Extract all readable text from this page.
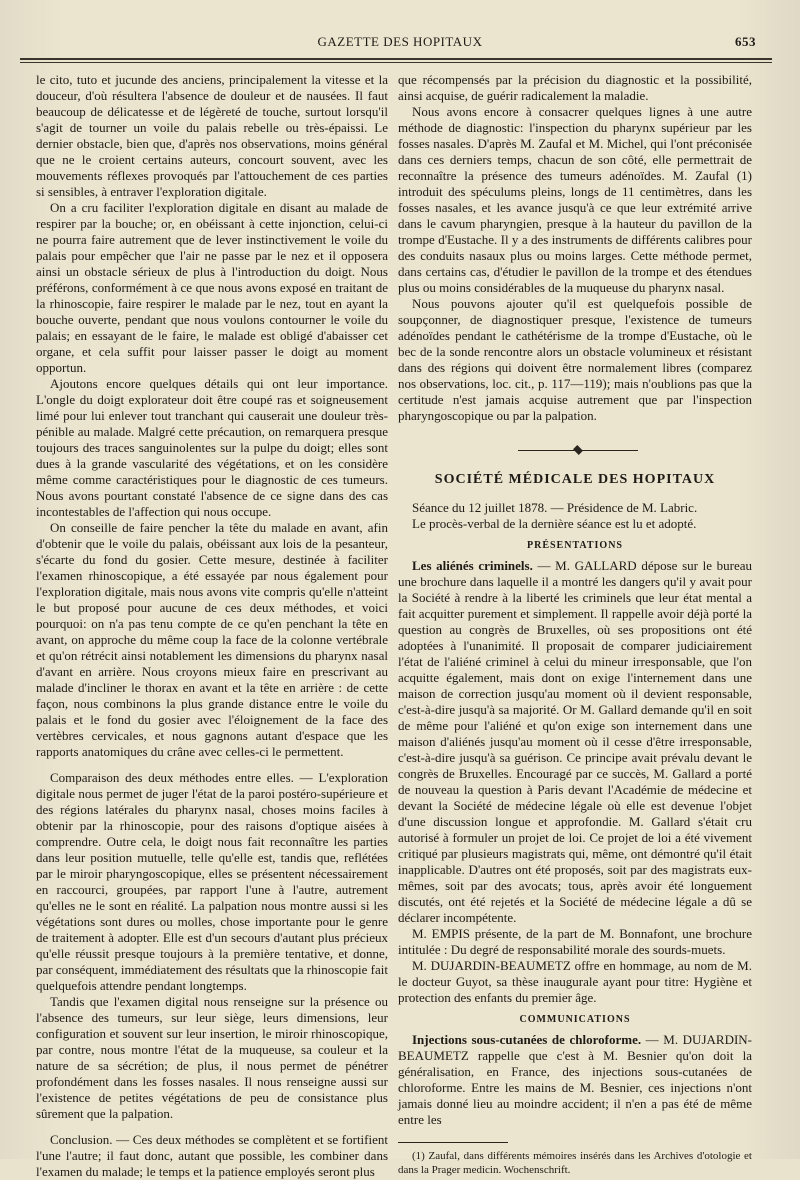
GAZETTE DES HOPITAUX	653

le cito, tuto et jucunde des anciens, principalement la vitesse et la douceur, d'où résultera l'absence de douleur et de nausées. Il faut beaucoup de délicatesse et de légèreté de touche, surtout lorsqu'il s'agit de tourner un voile du palais rebelle ou très-épaissi. Le dernier obstacle, bien que, d'après nos observations, moins général que ne le croient certains auteurs, concourt souvent, avec les mouvements réflexes provoqués par l'attouchement de ces parties si sensibles, à entraver l'exploration digitale.

On a cru faciliter l'exploration digitale en disant au malade de respirer par la bouche; or, en obéissant à cette injonction, celui-ci ne pourra faire autrement que de lever instinctivement le voile du palais pour empêcher que l'air ne passe par le nez et il opposera ainsi un obstacle sérieux de plus à l'introduction du doigt. Nous préférons, conformément à ce que nous avons exposé en traitant de la rhinoscopie, faire respirer le malade par le nez, tout en ayant la bouche ouverte, pendant que nous voulons contourner le voile du palais; en essayant de le faire, le malade est obligé d'abaisser cet organe, et cela suffit pour laisser passer le doigt au moment opportun.

Ajoutons encore quelques détails qui ont leur importance. L'ongle du doigt explorateur doit être coupé ras et soigneusement limé pour lui enlever tout tranchant qui causerait une douleur très-pénible au malade. Malgré cette précaution, on remarquera presque toujours des traces sanguinolentes sur la pulpe du doigt; elles sont dues à la grande vascularité des végétations, et on les considère même comme caractéristiques pour le diagnostic de ces tumeurs. Nous avons pourtant constaté l'absence de ce signe dans des cas incontestables de l'affection qui nous occupe.

On conseille de faire pencher la tête du malade en avant, afin d'obtenir que le voile du palais, obéissant aux lois de la pesanteur, s'écarte du fond du gosier. Cette mesure, destinée à faciliter l'examen rhinoscopique, a été essayée par nous également pour l'exploration digitale, mais nous avons vite compris qu'elle n'atteint le but proposé pour aucune de ces deux méthodes, et voici pourquoi: on n'a pas tenu compte de ce qu'en penchant la tête en avant, on approche du même coup la face de la colonne vertébrale et qu'on rétrécit ainsi notablement les dimensions du pharynx nasal d'avant en arrière. Nous croyons mieux faire en prescrivant au malade d'incliner le thorax en avant et la tête en arrière : de cette façon, nous combinons la plus grande distance entre le voile du palais et le fond du gosier avec l'éloignement de la face des vertèbres cervicales, et nous gagnons autant d'espace que les rapports anatomiques du crâne avec celles-ci le permettent.

Comparaison des deux méthodes entre elles. — L'exploration digitale nous permet de juger l'état de la paroi postéro-supérieure et des régions latérales du pharynx nasal, choses moins faciles à obtenir par la rhinoscopie, pour des raisons d'optique aisées à comprendre. Outre cela, le doigt nous fait reconnaître les parties dans leur position mutuelle, telle qu'elle est, tandis que, reflétées par le miroir pharyngoscopique, elles se présentent nécessairement en raccourci, groupées, par rapport l'une à l'autre, autrement qu'elles ne le sont en réalité. La palpation nous montre aussi si les végétations sont dures ou molles, chose importante pour le genre de traitement à adopter. Elle est d'un secours d'autant plus précieux qu'elle réussit presque toujours à la première tentative, et donne, par conséquent, immédiatement des résultats que la rhinoscopie fait quelquefois attendre pendant longtemps.

Tandis que l'examen digital nous renseigne sur la présence ou l'absence des tumeurs, sur leur siège, leurs dimensions, leur configuration et souvent sur leur insertion, le miroir rhinoscopique, par contre, nous montre l'état de la muqueuse, sa couleur et la nature de sa sécrétion; de plus, il nous permet de pénétrer profondément dans les fosses nasales. Il nous renseigne aussi sur l'existence de petites végétations de peu de consistance plus sûrement que la palpation.

Conclusion. — Ces deux méthodes se complètent et se fortifient l'une l'autre; il faut donc, autant que possible, les combiner dans l'examen du malade; le temps et la patience employés seront plus

que récompensés par la précision du diagnostic et la possibilité, ainsi acquise, de guérir radicalement la maladie.

Nous avons encore à consacrer quelques lignes à une autre méthode de diagnostic: l'inspection du pharynx supérieur par les fosses nasales. D'après M. Zaufal et M. Michel, qui l'ont préconisée dans ces derniers temps, chacun de son côté, elle permettrait de reconnaître la présence des tumeurs adénoïdes. M. Zaufal (1) introduit des spéculums pleins, longs de 11 centimètres, dans les fosses nasales, et les avance jusqu'à ce que leur extrémité arrive dans le cavum pharyngien, presque à la hauteur du pavillon de la trompe d'Eustache. Il y a des instruments de différents calibres pour des conduits nasaux plus ou moins larges. Cette méthode permet, dans certains cas, d'étudier le pavillon de la trompe et des étendues plus ou moins considérables de la muqueuse du pharynx nasal.

Nous pouvons ajouter qu'il est quelquefois possible de soupçonner, de diagnostiquer presque, l'existence de tumeurs adénoïdes pendant le cathétérisme de la trompe d'Eustache, où le bec de la sonde rencontre alors un obstacle volumineux et résistant dans des régions qui doivent être normalement libres (comparez nos observations, loc. cit., p. 117—119); mais n'oublions pas que la certitude n'est jamais acquise autrement que par l'inspection pharyngoscopique ou par la palpation.

SOCIÉTÉ MÉDICALE DES HOPITAUX

Séance du 12 juillet 1878. — Présidence de M. Labric.

Le procès-verbal de la dernière séance est lu et adopté.

PRÉSENTATIONS

Les aliénés criminels. — M. GALLARD dépose sur le bureau une brochure dans laquelle il a montré les dangers qu'il y avait pour la Société à rendre à la liberté les criminels que leur état mental a fait acquitter purement et simplement. Il rappelle avoir déjà porté la question au congrès de Bruxelles, où ses propositions ont été adoptées à l'unanimité. Il proposait de comparer judiciairement l'état de l'aliéné criminel à celui du mineur irresponsable, que l'on acquitte également, mais dont on exige l'internement dans une maison de correction jusqu'au moment où il devient responsable, c'est-à-dire jusqu'à sa majorité. Or M. Gallard demande qu'il en soit de même pour l'aliéné et qu'on exige son internement dans une maison d'aliénés jusqu'au moment où il cesse d'être irresponsable, c'est-à-dire jusqu'à sa guérison. Ce principe avait prévalu devant le congrès de Bruxelles. Encouragé par ce succès, M. Gallard a porté de nouveau la question à Paris devant l'Académie de médecine et devant la Société de médecine légale où elle est devenue l'objet d'une discussion longue et approfondie. M. Gallard s'était cru autorisé à formuler un projet de loi. Ce projet de loi a été vivement critiqué par plusieurs magistrats qui, même, ont démontré qu'il était inapplicable. D'autres ont été proposés, soit par des magistrats eux-mêmes, soit par des avocats; tous, après avoir été longuement discutés, ont été rejetés et la Société de médecine légale a dû se déclarer incompétente.

M. EMPIS présente, de la part de M. Bonnafont, une brochure intitulée : Du degré de responsabilité morale des sourds-muets.

M. DUJARDIN-BEAUMETZ offre en hommage, au nom de M. le docteur Guyot, sa thèse inaugurale ayant pour titre: Hygiène et protection des enfants du premier âge.

COMMUNICATIONS

Injections sous-cutanées de chloroforme. — M. DUJARDIN-BEAUMETZ rappelle que c'est à M. Besnier qu'on doit la généralisation, en France, des injections sous-cutanées de chloroforme. Entre les mains de M. Besnier, ces injections n'ont jamais donné lieu au moindre accident; il n'en a pas été de même entre les

(1) Zaufal, dans différents mémoires insérés dans les Archives d'otologie et dans la Prager medicin. Wochenschrift.
